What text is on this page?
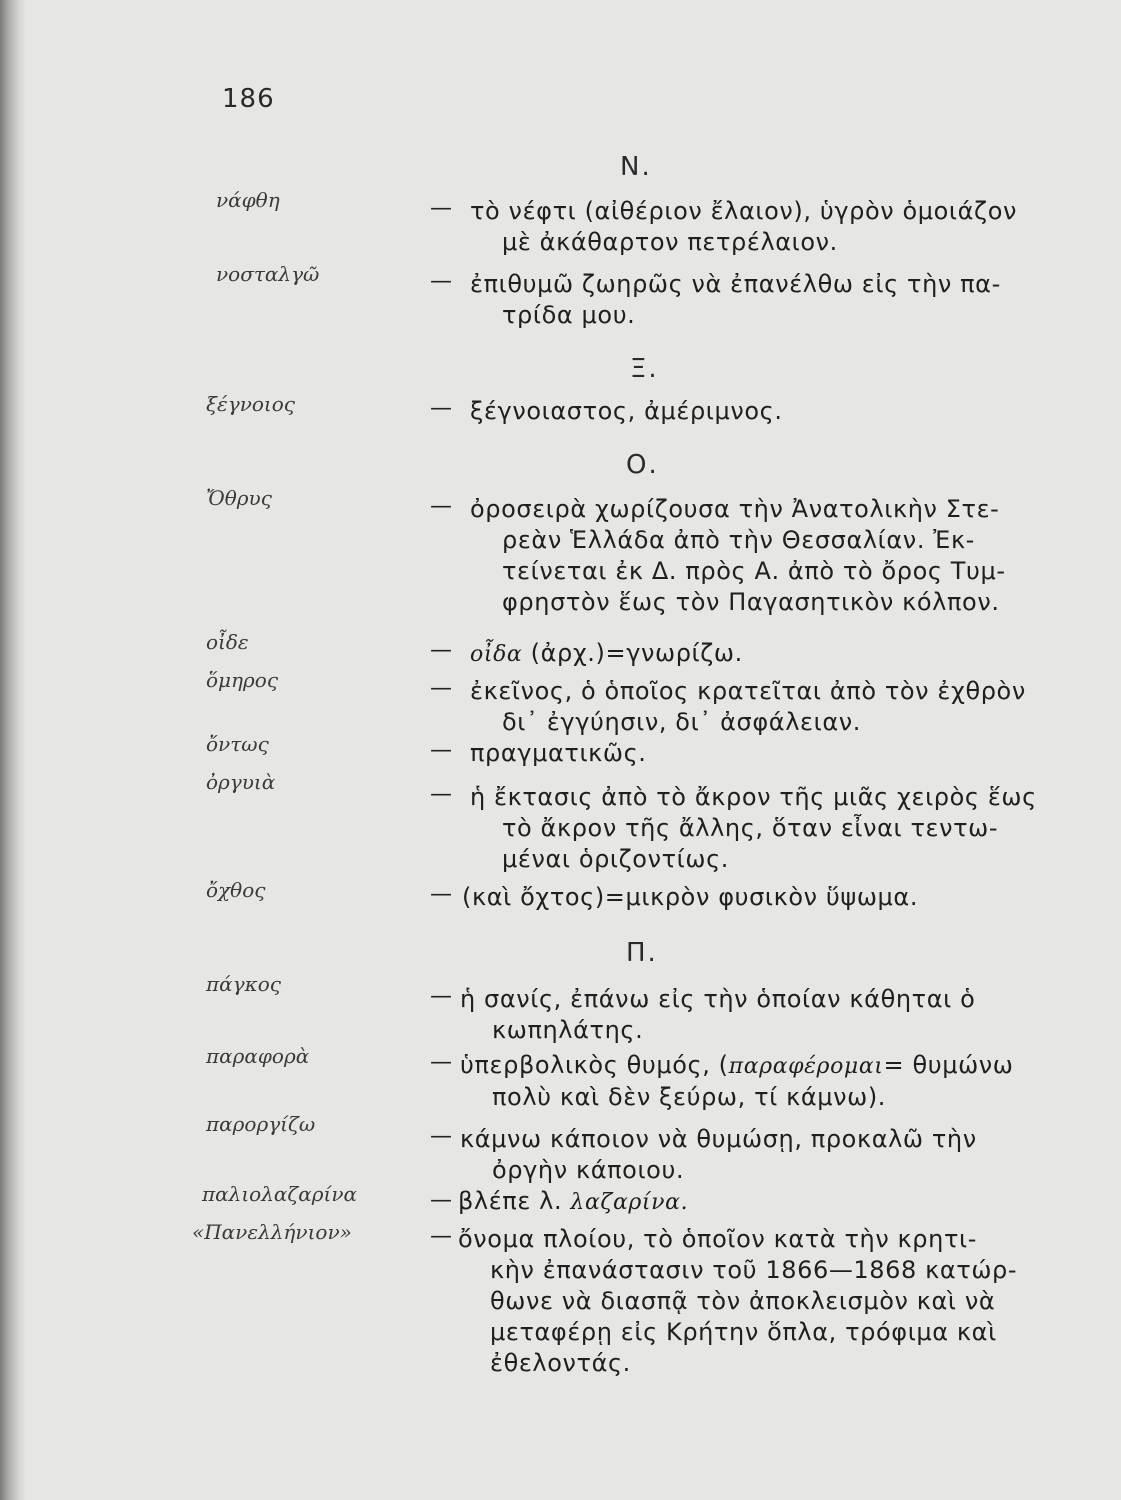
186
Ν.
νάφθη	— τὸ νέφτι (αἰθέριον ἔλαιον), ὑγρὸν ὁμοιάζον
μὲ ἀκάθαρτον πετρέλαιον.
νοσταλγῶ	— ἐπιθυμῶ ζωηρῶς νὰ ἐπανέλθω εἰς τὴν πα-
τρίδα μου.
Ξ.
ξέγνοιος	— ξέγνοιαστος, ἀμέριμνος.
Ο.
Ὄθρυς	— ὀροσειρὰ χωρίζουσα τὴν Ἀνατολικὴν Στε-
ρεὰν Ἑλλάδα ἀπὸ τὴν Θεσσαλίαν. Ἐκ-
τείνεται ἐκ Δ. πρὸς Α. ἀπὸ τὸ ὄρος Τυμ-
φρηστὸν ἕως τὸν Παγασητικὸν κόλπον.
οἶδε	— οἶδα (ἀρχ.)=γνωρίζω.
ὅμηρος	— ἐκεῖνος, ὁ ὁποῖος κρατεῖται ἀπὸ τὸν ἐχθρὸν
δι᾽ ἐγγύησιν, δι᾽ ἀσφάλειαν.
ὄντως	— πραγματικῶς.
ὀργυιὰ	— ἡ ἔκτασις ἀπὸ τὸ ἄκρον τῆς μιᾶς χειρὸς ἕως
τὸ ἄκρον τῆς ἄλλης, ὅταν εἶναι τεντω-
μέναι ὁριζοντίως.
ὄχθος	— (καὶ ὄχτος)=μικρὸν φυσικὸν ὕψωμα.
Π.
πάγκος	— ἡ σανίς, ἐπάνω εἰς τὴν ὁποίαν κάθηται ὁ
κωπηλάτης.
παραφορὰ	— ὑπερβολικὸς θυμός, (παραφέρομαι= θυμώνω
πολὺ καὶ δὲν ξεύρω, τί κάμνω).
παροργίζω	— κάμνω κάποιον νὰ θυμώσῃ, προκαλῶ τὴν
ὀργὴν κάποιου.
παλιολαζαρίνα	— βλέπε λ. λαζαρίνα.
«Πανελλήνιον»	— ὄνομα πλοίου, τὸ ὁποῖον κατὰ τὴν κρητι-
κὴν ἐπανάστασιν τοῦ 1866—1868 κατώρ-
θωνε νὰ διασπᾷ τὸν ἀποκλεισμὸν καὶ νὰ
μεταφέρῃ εἰς Κρήτην ὅπλα, τρόφιμα καὶ
ἐθελοντάς.
